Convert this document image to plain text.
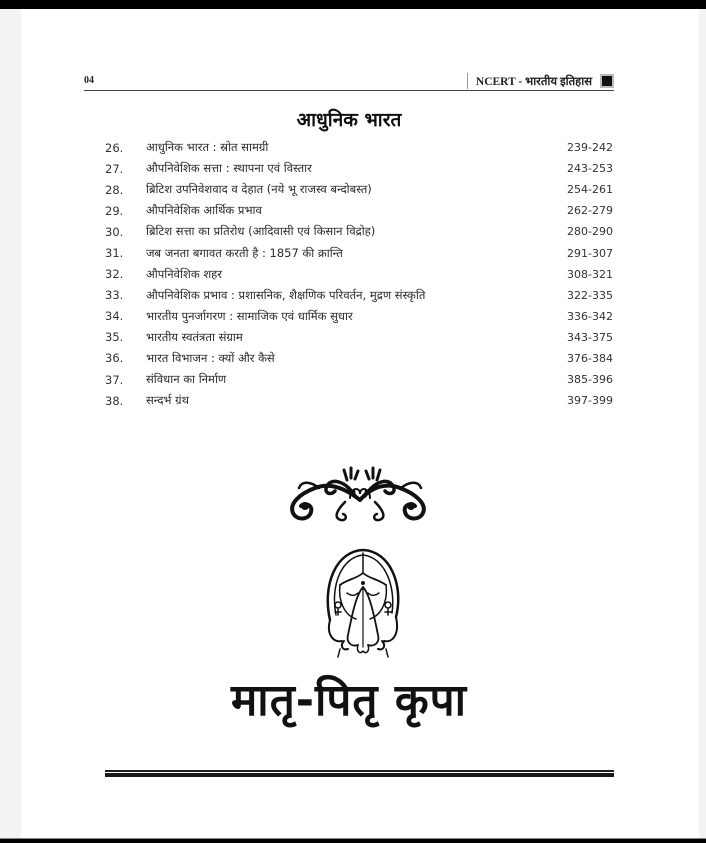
04	NCERT - भारतीय इतिहास
आधुनिक भारत
26.	आधुनिक भारत : स्रोत सामग्री	239-242
27.	औपनिवेशिक सत्ता : स्थापना एवं विस्तार	243-253
28.	ब्रिटिश उपनिवेशवाद व देहात (नये भू राजस्व बन्दोबस्त)	254-261
29.	औपनिवेशिक आर्थिक प्रभाव	262-279
30.	ब्रिटिश सत्ता का प्रतिरोध (आदिवासी एवं किसान विद्रोह)	280-290
31.	जब जनता बगावत करती है : 1857 की क्रान्ति	291-307
32.	औपनिवेशिक शहर	308-321
33.	औपनिवेशिक प्रभाव : प्रशासनिक, शैक्षणिक परिवर्तन, मुद्रण संस्कृति	322-335
34.	भारतीय पुनर्जागरण : सामाजिक एवं धार्मिक सुधार	336-342
35.	भारतीय स्वतंत्रता संग्राम	343-375
36.	भारत विभाजन : क्यों और कैसे	376-384
37.	संविधान का निर्माण	385-396
38.	सन्दर्भ ग्रंथ	397-399
मातृ-पितृ कृपा
